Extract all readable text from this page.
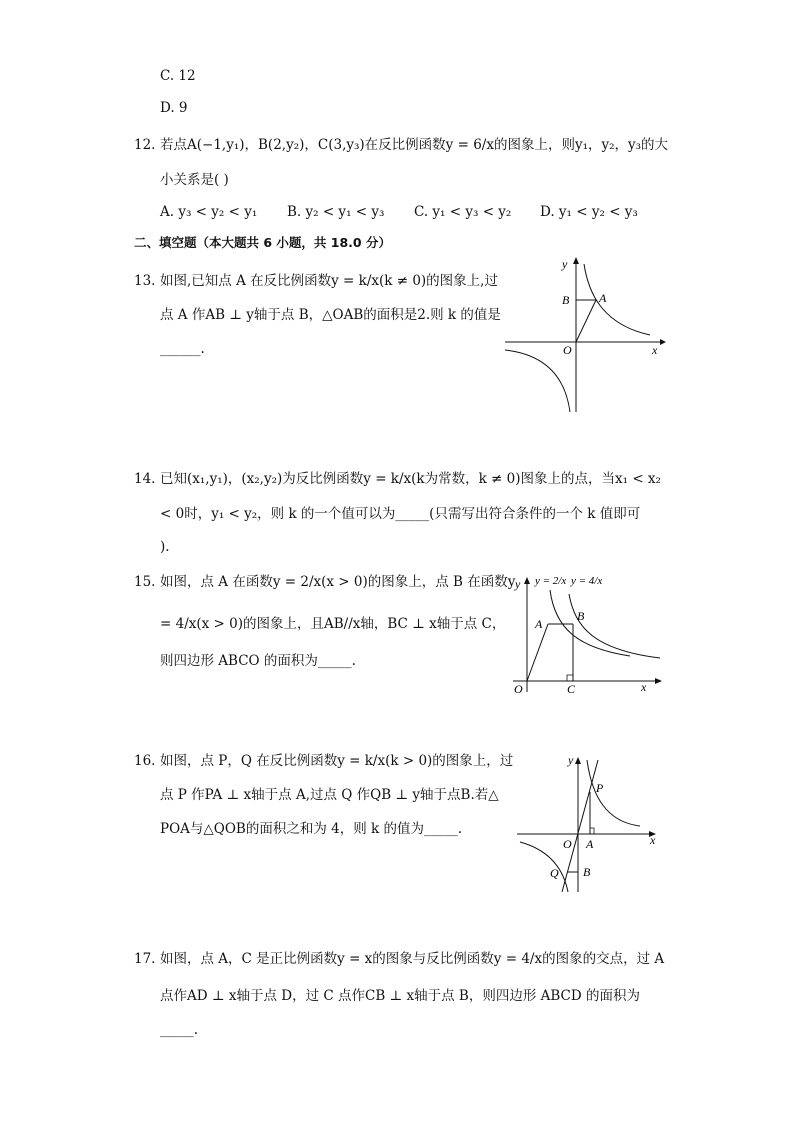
C. 12
D. 9
12. 若点A(−1,y₁)，B(2,y₂)，C(3,y₃)在反比例函数y = 6/x的图象上，则y₁，y₂，y₃的大
小关系是( )
A. y₃ < y₂ < y₁ B. y₂ < y₁ < y₃ C. y₁ < y₃ < y₂ D. y₁ < y₂ < y₃
二、填空题（本大题共 6 小题，共 18.0 分）
13. 如图,已知点 A 在反比例函数y = k/x(k ≠ 0)的图象上,过
点 A 作AB ⊥ y轴于点 B，△OAB的面积是2.则 k 的值是
______.
y
x
O
A
B
14. 已知(x₁,y₁)，(x₂,y₂)为反比例函数y = k/x(k为常数，k ≠ 0)图象上的点，当x₁ < x₂
< 0时，y₁ < y₂，则 k 的一个值可以为_____(只需写出符合条件的一个 k 值即可
).
15. 如图，点 A 在函数y = 2/x(x > 0)的图象上，点 B 在函数y
= 4/x(x > 0)的图象上，且AB//x轴，BC ⊥ x轴于点 C，
则四边形 ABCO 的面积为_____.
y y = 2/x y = 4/x
A
B
C
O	x
16. 如图，点 P，Q 在反比例函数y = k/x(k > 0)的图象上，过
点 P 作PA ⊥ x轴于点 A,过点 Q 作QB ⊥ y轴于点B.若△
POA与△QOB的面积之和为 4，则 k 的值为_____.
y
P
O A
B
Q
x
17. 如图，点 A，C 是正比例函数y = x的图象与反比例函数y = 4/x的图象的交点，过 A
点作AD ⊥ x轴于点 D，过 C 点作CB ⊥ x轴于点 B，则四边形 ABCD 的面积为
_____.
